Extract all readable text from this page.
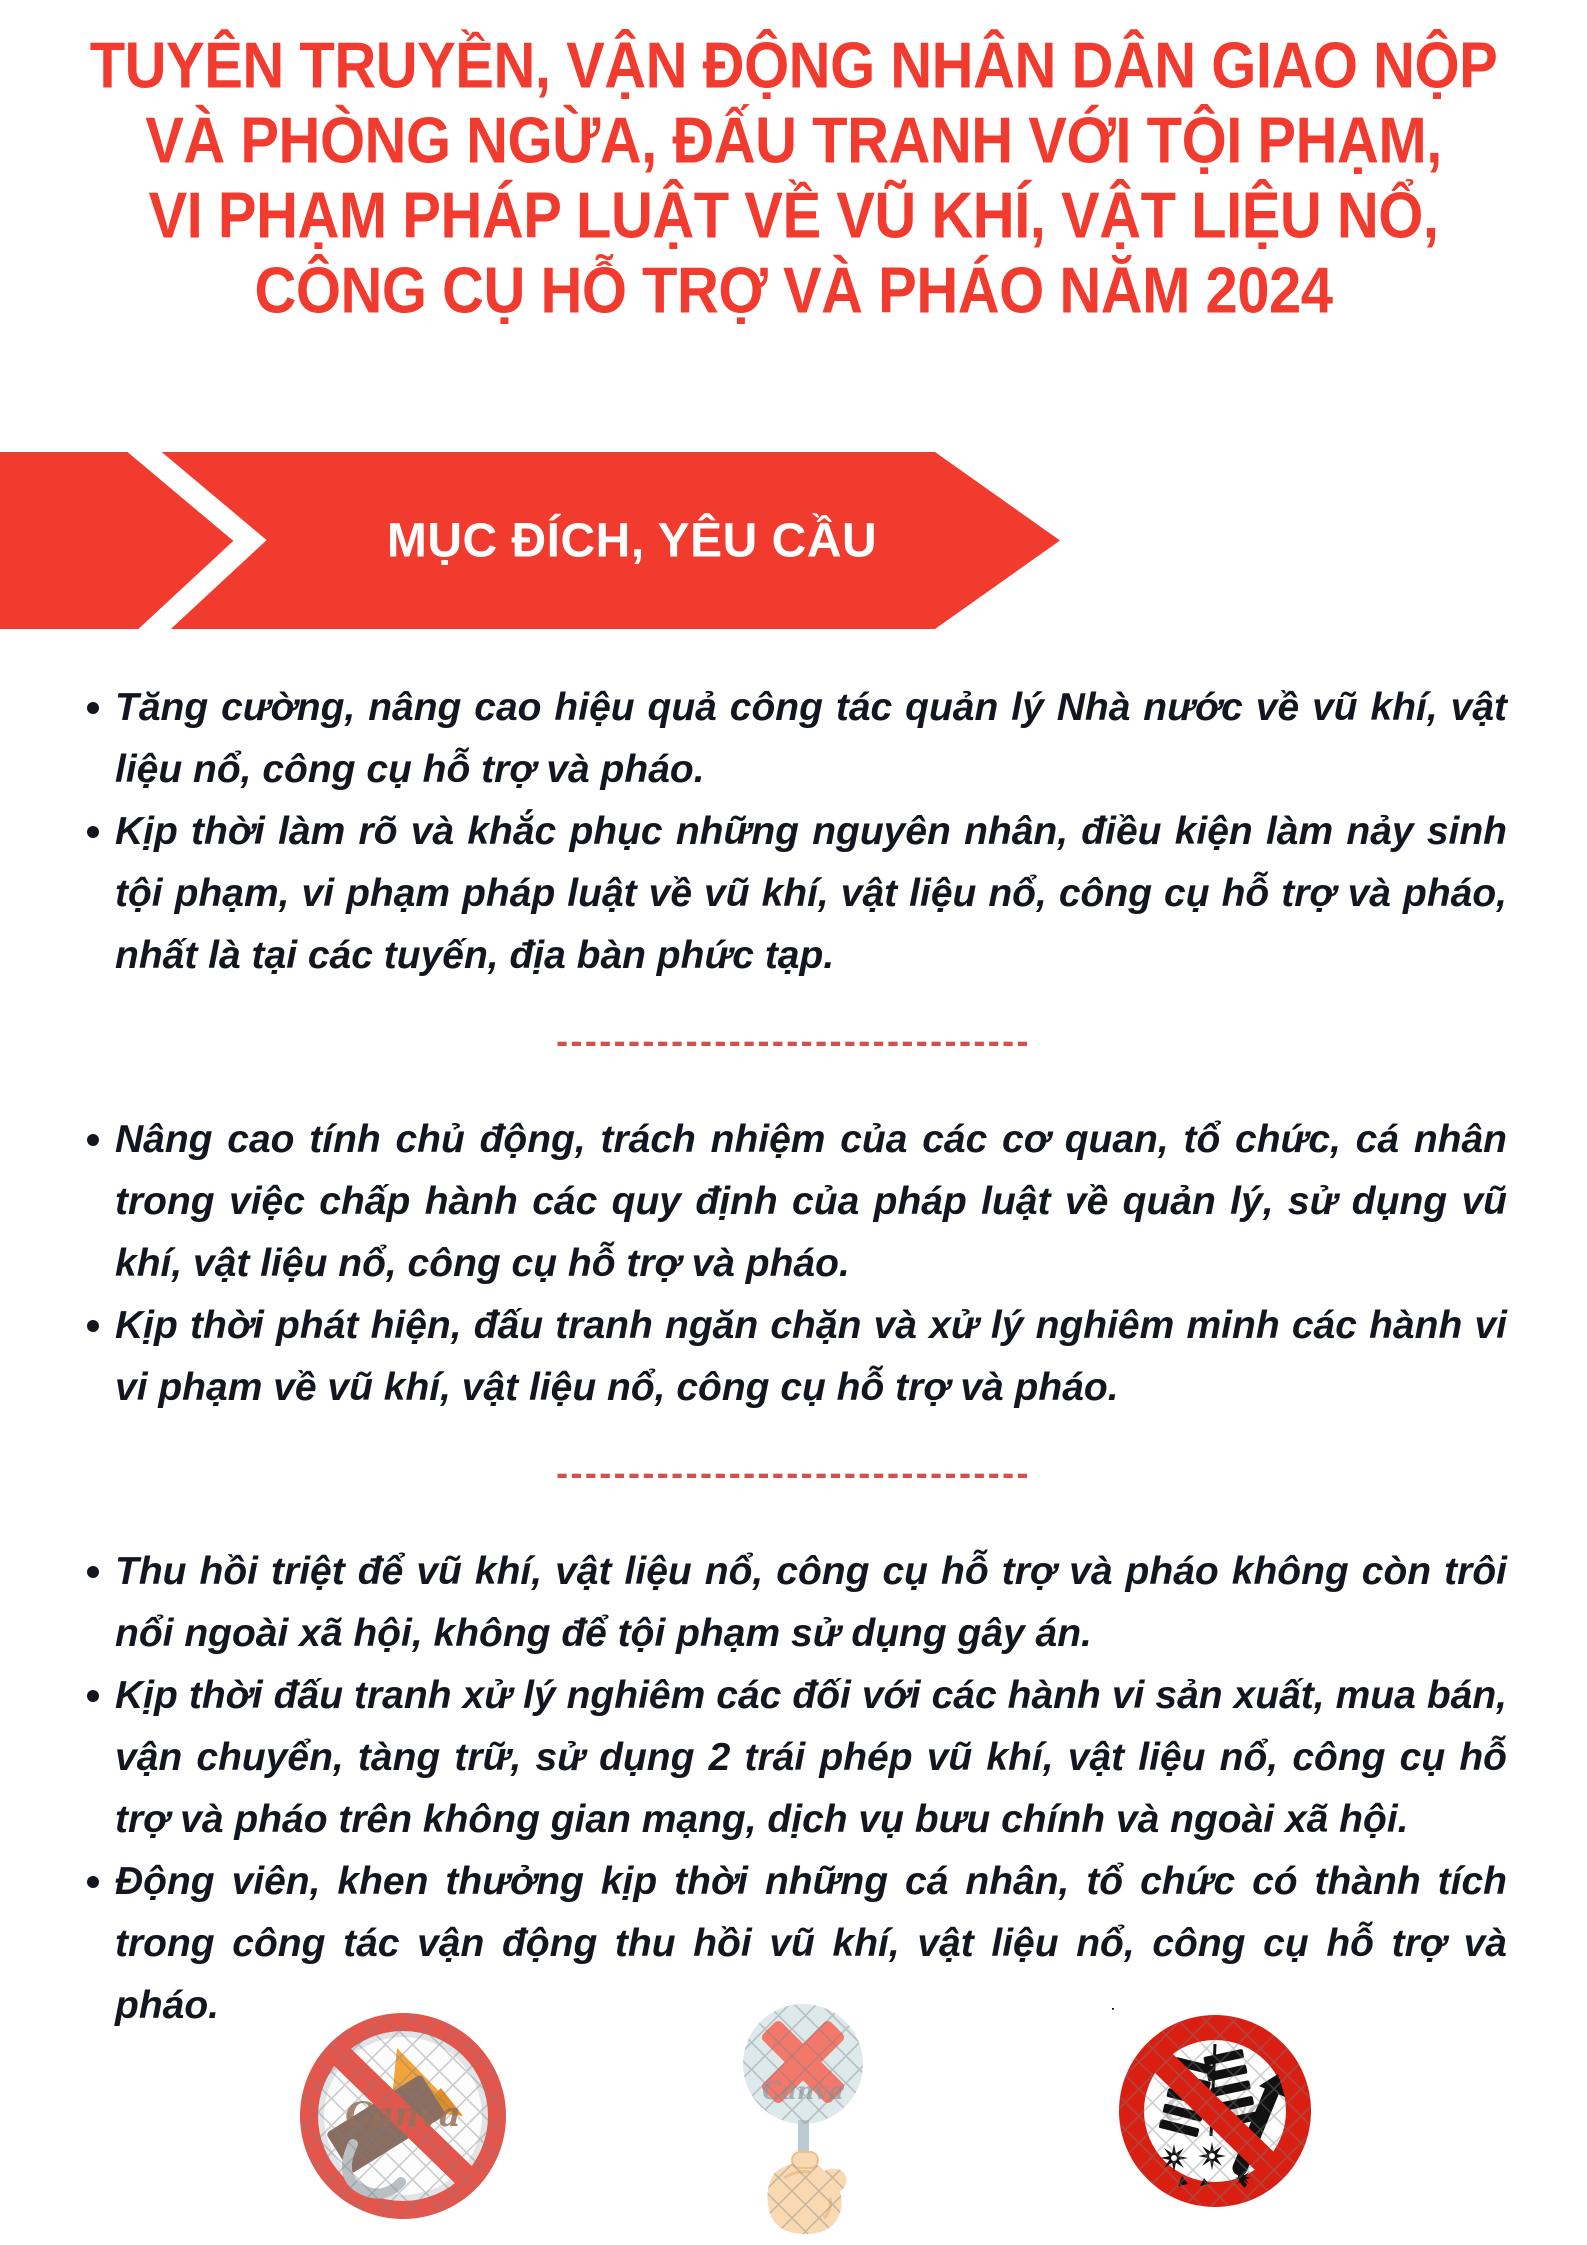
TUYÊN TRUYỀN, VẬN ĐỘNG NHÂN DÂN GIAO NỘP
VÀ PHÒNG NGỪA, ĐẤU TRANH VỚI TỘI PHẠM,
VI PHẠM PHÁP LUẬT VỀ VŨ KHÍ, VẬT LIỆU NỔ,
CÔNG CỤ HỖ TRỢ VÀ PHÁO NĂM 2024
MỤC ĐÍCH, YÊU CẦU
Tăng cường, nâng cao hiệu quả công tác quản lý Nhà nước về vũ khí, vật liệu nổ, công cụ hỗ trợ và pháo.
Kịp thời làm rõ và khắc phục những nguyên nhân, điều kiện làm nảy sinh tội phạm, vi phạm pháp luật về vũ khí, vật liệu nổ, công cụ hỗ trợ và pháo, nhất là tại các tuyến, địa bàn phức tạp.
---------------------------------
Nâng cao tính chủ động, trách nhiệm của các cơ quan, tổ chức, cá nhân trong việc chấp hành các quy định của pháp luật về quản lý, sử dụng vũ khí, vật liệu nổ, công cụ hỗ trợ và pháo.
Kịp thời phát hiện, đấu tranh ngăn chặn và xử lý nghiêm minh các hành vi vi phạm về vũ khí, vật liệu nổ, công cụ hỗ trợ và pháo.
---------------------------------
Thu hồi triệt để vũ khí, vật liệu nổ, công cụ hỗ trợ và pháo không còn trôi nổi ngoài xã hội, không để tội phạm sử dụng gây án.
Kịp thời đấu tranh xử lý nghiêm các đối với các hành vi sản xuất, mua bán, vận chuyển, tàng trữ, sử dụng 2 trái phép vũ khí, vật liệu nổ, công cụ hỗ trợ và pháo trên không gian mạng, dịch vụ bưu chính và ngoài xã hội.
Động viên, khen thưởng kịp thời những cá nhân, tổ chức có thành tích trong công tác vận động thu hồi vũ khí, vật liệu nổ, công cụ hỗ trợ và pháo.
